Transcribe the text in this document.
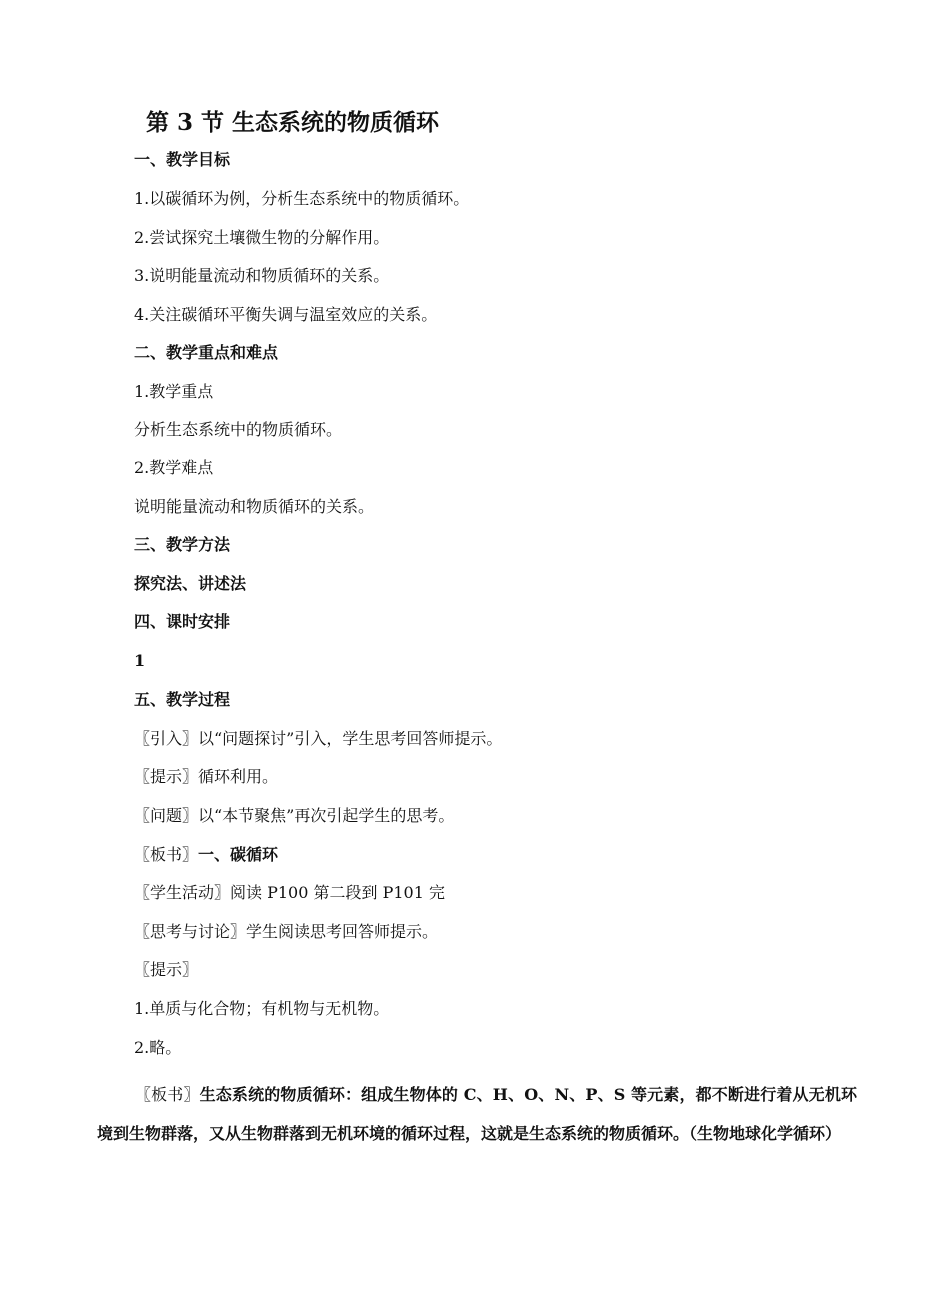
第 3 节 生态系统的物质循环
一、教学目标
1.以碳循环为例，分析生态系统中的物质循环。
2.尝试探究土壤微生物的分解作用。
3.说明能量流动和物质循环的关系。
4.关注碳循环平衡失调与温室效应的关系。
二、教学重点和难点
1.教学重点
分析生态系统中的物质循环。
2.教学难点
说明能量流动和物质循环的关系。
三、教学方法
探究法、讲述法
四、课时安排
1
五、教学过程
〖引入〗以“问题探讨”引入，学生思考回答师提示。
〖提示〗循环利用。
〖问题〗以“本节聚焦”再次引起学生的思考。
〖板书〗一、碳循环
〖学生活动〗阅读 P100 第二段到 P101 完
〖思考与讨论〗学生阅读思考回答师提示。
〖提示〗
1.单质与化合物；有机物与无机物。
2.略。
〖板书〗生态系统的物质循环：组成生物体的 C、H、O、N、P、S 等元素，都不断进行着从无机环境到生物群落，又从生物群落到无机环境的循环过程，这就是生态系统的物质循环。（生物地球化学循环）
